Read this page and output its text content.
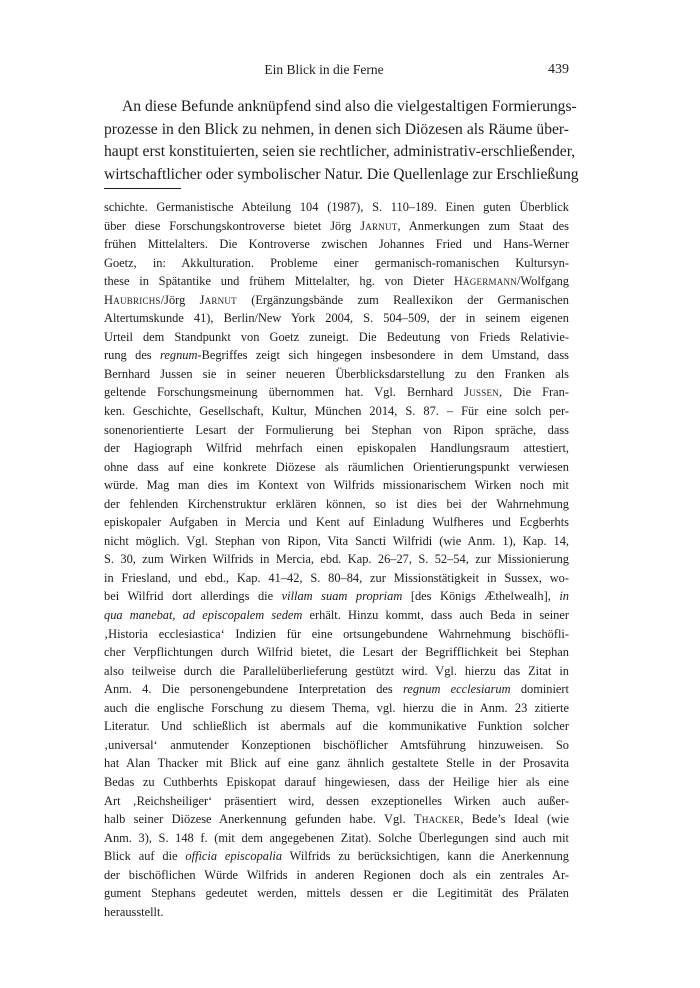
Ein Blick in die Ferne	439
An diese Befunde anknüpfend sind also die vielgestaltigen Formierungs-
prozesse in den Blick zu nehmen, in denen sich Diözesen als Räume über-
haupt erst konstituierten, seien sie rechtlicher, administrativ-erschließender,
wirtschaftlicher oder symbolischer Natur. Die Quellenlage zur Erschließung
schichte. Germanistische Abteilung 104 (1987), S. 110–189. Einen guten Überblick
über diese Forschungskontroverse bietet Jörg Jarnut, Anmerkungen zum Staat des
frühen Mittelalters. Die Kontroverse zwischen Johannes Fried und Hans-Werner
Goetz, in: Akkulturation. Probleme einer germanisch-romanischen Kultursyn-
these in Spätantike und frühem Mittelalter, hg. von Dieter Hägermann/Wolfgang
Haubrichs/Jörg Jarnut (Ergänzungsbände zum Reallexikon der Germanischen
Altertumskunde 41), Berlin/New York 2004, S. 504–509, der in seinem eigenen
Urteil dem Standpunkt von Goetz zuneigt. Die Bedeutung von Frieds Relativie-
rung des regnum-Begriffes zeigt sich hingegen insbesondere in dem Umstand, dass
Bernhard Jussen sie in seiner neueren Überblicksdarstellung zu den Franken als
geltende Forschungsmeinung übernommen hat. Vgl. Bernhard Jussen, Die Fran-
ken. Geschichte, Gesellschaft, Kultur, München 2014, S. 87. – Für eine solch per-
sonenorientierte Lesart der Formulierung bei Stephan von Ripon spräche, dass
der Hagiograph Wilfrid mehrfach einen episkopalen Handlungsraum attestiert,
ohne dass auf eine konkrete Diözese als räumlichen Orientierungspunkt verwiesen
würde. Mag man dies im Kontext von Wilfrids missionarischem Wirken noch mit
der fehlenden Kirchenstruktur erklären können, so ist dies bei der Wahrnehmung
episkopaler Aufgaben in Mercia und Kent auf Einladung Wulfheres und Ecgberhts
nicht möglich. Vgl. Stephan von Ripon, Vita Sancti Wilfridi (wie Anm. 1), Kap. 14,
S. 30, zum Wirken Wilfrids in Mercia, ebd. Kap. 26–27, S. 52–54, zur Missionierung
in Friesland, und ebd., Kap. 41–42, S. 80–84, zur Missionstätigkeit in Sussex, wo-
bei Wilfrid dort allerdings die villam suam propriam [des Königs Æthelwealh], in
qua manebat, ad episcopalem sedem erhält. Hinzu kommt, dass auch Beda in seiner
‚Historia ecclesiastica‘ Indizien für eine ortsungebundene Wahrnehmung bischöfli-
cher Verpflichtungen durch Wilfrid bietet, die Lesart der Begrifflichkeit bei Stephan
also teilweise durch die Parallelüberlieferung gestützt wird. Vgl. hierzu das Zitat in
Anm. 4. Die personengebundene Interpretation des regnum ecclesiarum dominiert
auch die englische Forschung zu diesem Thema, vgl. hierzu die in Anm. 23 zitierte
Literatur. Und schließlich ist abermals auf die kommunikative Funktion solcher
‚universal‘ anmutender Konzeptionen bischöflicher Amtsführung hinzuweisen. So
hat Alan Thacker mit Blick auf eine ganz ähnlich gestaltete Stelle in der Prosavita
Bedas zu Cuthberhts Episkopat darauf hingewiesen, dass der Heilige hier als eine
Art ‚Reichsheiliger‘ präsentiert wird, dessen exzeptionelles Wirken auch außer-
halb seiner Diözese Anerkennung gefunden habe. Vgl. Thacker, Bede’s Ideal (wie
Anm. 3), S. 148 f. (mit dem angegebenen Zitat). Solche Überlegungen sind auch mit
Blick auf die officia episcopalia Wilfrids zu berücksichtigen, kann die Anerkennung
der bischöflichen Würde Wilfrids in anderen Regionen doch als ein zentrales Ar-
gument Stephans gedeutet werden, mittels dessen er die Legitimität des Prälaten
herausstellt.
